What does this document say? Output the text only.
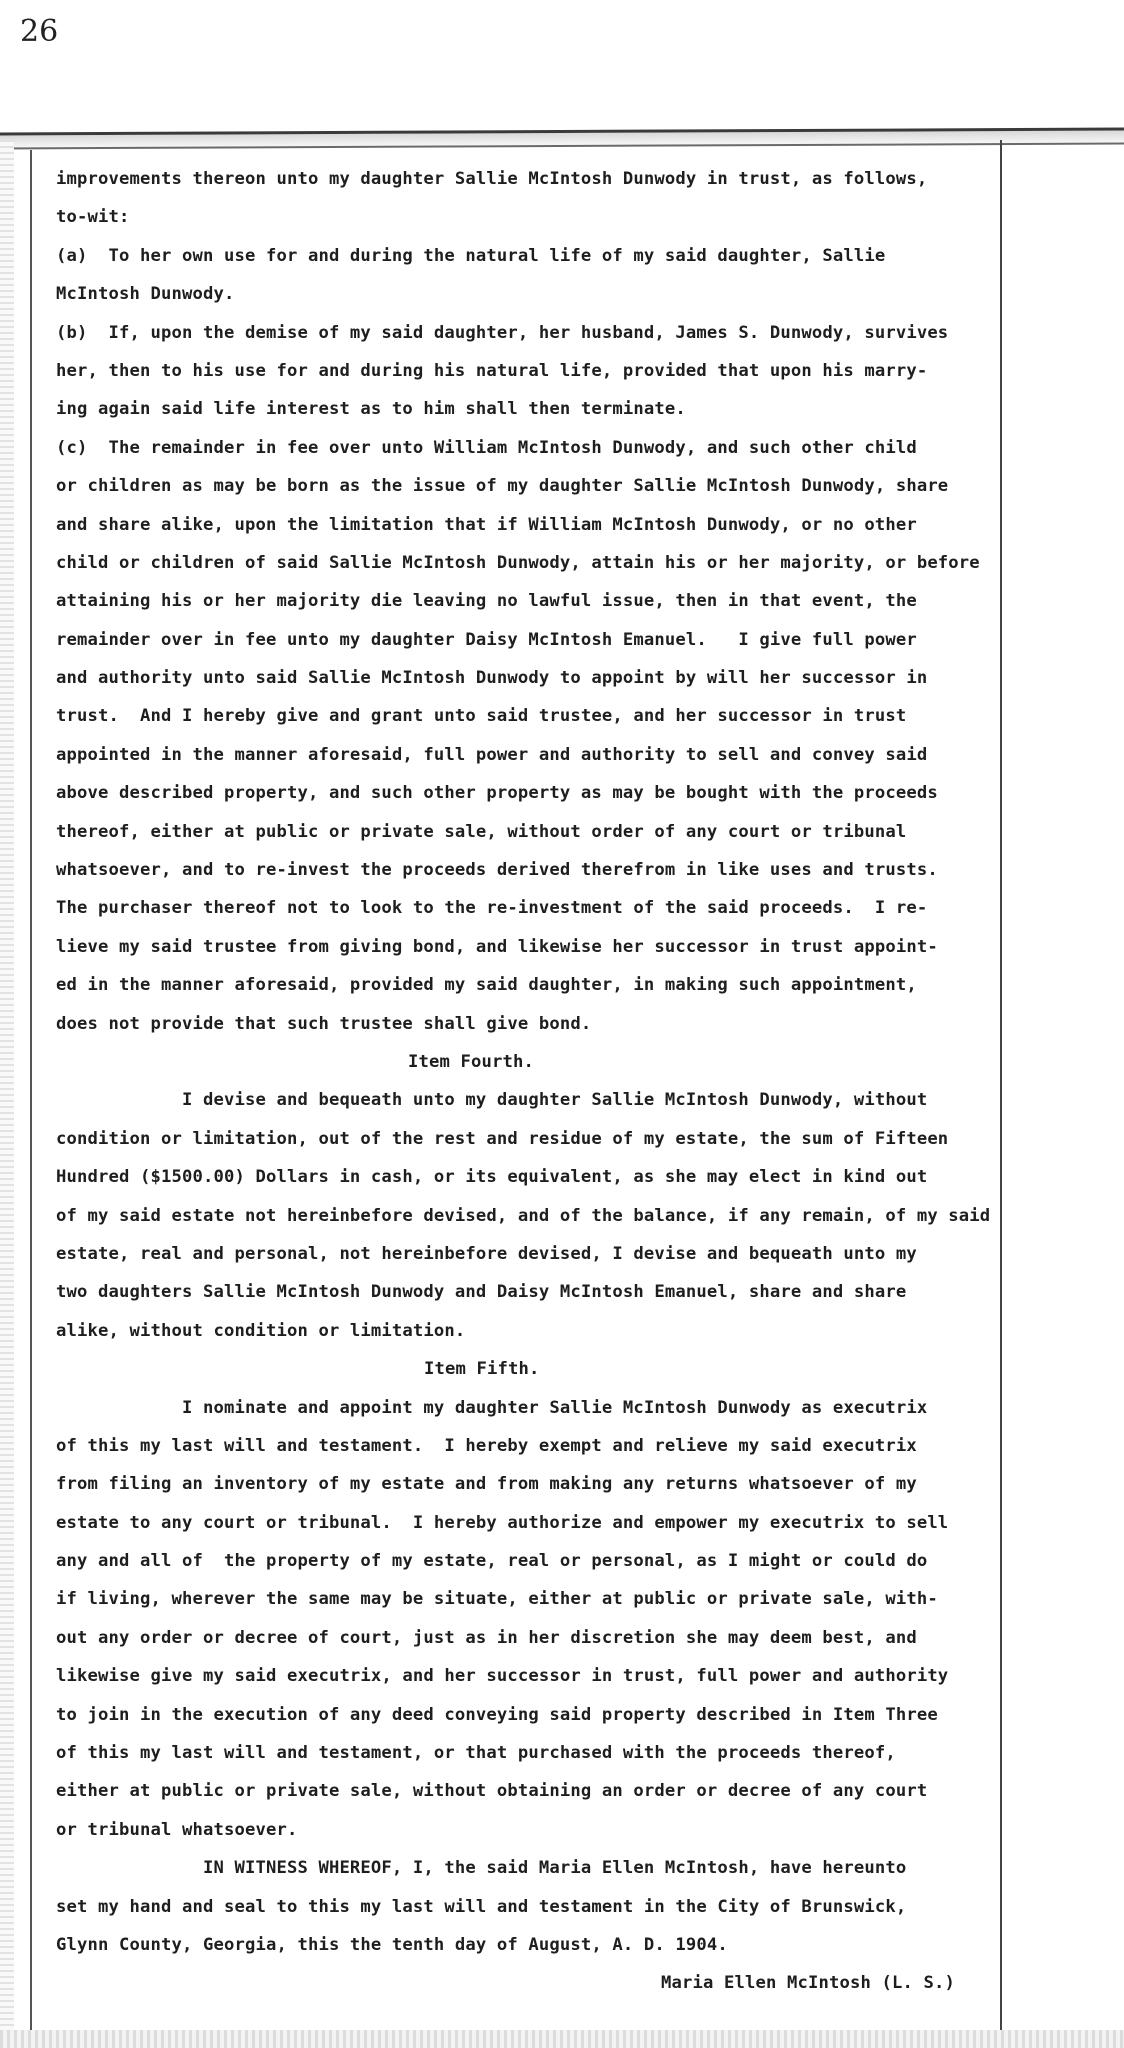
26
improvements thereon unto my daughter Sallie McIntosh Dunwody in trust, as follows,
to-wit:
(a)  To her own use for and during the natural life of my said daughter, Sallie
McIntosh Dunwody.
(b)  If, upon the demise of my said daughter, her husband, James S. Dunwody, survives
her, then to his use for and during his natural life, provided that upon his marry-
ing again said life interest as to him shall then terminate.
(c)  The remainder in fee over unto William McIntosh Dunwody, and such other child
or children as may be born as the issue of my daughter Sallie McIntosh Dunwody, share
and share alike, upon the limitation that if William McIntosh Dunwody, or no other
child or children of said Sallie McIntosh Dunwody, attain his or her majority, or before
attaining his or her majority die leaving no lawful issue, then in that event, the
remainder over in fee unto my daughter Daisy McIntosh Emanuel.   I give full power
and authority unto said Sallie McIntosh Dunwody to appoint by will her successor in
trust.  And I hereby give and grant unto said trustee, and her successor in trust
appointed in the manner aforesaid, full power and authority to sell and convey said
above described property, and such other property as may be bought with the proceeds
thereof, either at public or private sale, without order of any court or tribunal
whatsoever, and to re-invest the proceeds derived therefrom in like uses and trusts.
The purchaser thereof not to look to the re-investment of the said proceeds.  I re-
lieve my said trustee from giving bond, and likewise her successor in trust appoint-
ed in the manner aforesaid, provided my said daughter, in making such appointment,
does not provide that such trustee shall give bond.
Item Fourth.
I devise and bequeath unto my daughter Sallie McIntosh Dunwody, without
condition or limitation, out of the rest and residue of my estate, the sum of Fifteen
Hundred ($1500.00) Dollars in cash, or its equivalent, as she may elect in kind out
of my said estate not hereinbefore devised, and of the balance, if any remain, of my said
estate, real and personal, not hereinbefore devised, I devise and bequeath unto my
two daughters Sallie McIntosh Dunwody and Daisy McIntosh Emanuel, share and share
alike, without condition or limitation.
Item Fifth.
I nominate and appoint my daughter Sallie McIntosh Dunwody as executrix
of this my last will and testament.  I hereby exempt and relieve my said executrix
from filing an inventory of my estate and from making any returns whatsoever of my
estate to any court or tribunal.  I hereby authorize and empower my executrix to sell
any and all of  the property of my estate, real or personal, as I might or could do
if living, wherever the same may be situate, either at public or private sale, with-
out any order or decree of court, just as in her discretion she may deem best, and
likewise give my said executrix, and her successor in trust, full power and authority
to join in the execution of any deed conveying said property described in Item Three
of this my last will and testament, or that purchased with the proceeds thereof,
either at public or private sale, without obtaining an order or decree of any court
or tribunal whatsoever.
IN WITNESS WHEREOF, I, the said Maria Ellen McIntosh, have hereunto
set my hand and seal to this my last will and testament in the City of Brunswick,
Glynn County, Georgia, this the tenth day of August, A. D. 1904.
Maria Ellen McIntosh (L. S.)
